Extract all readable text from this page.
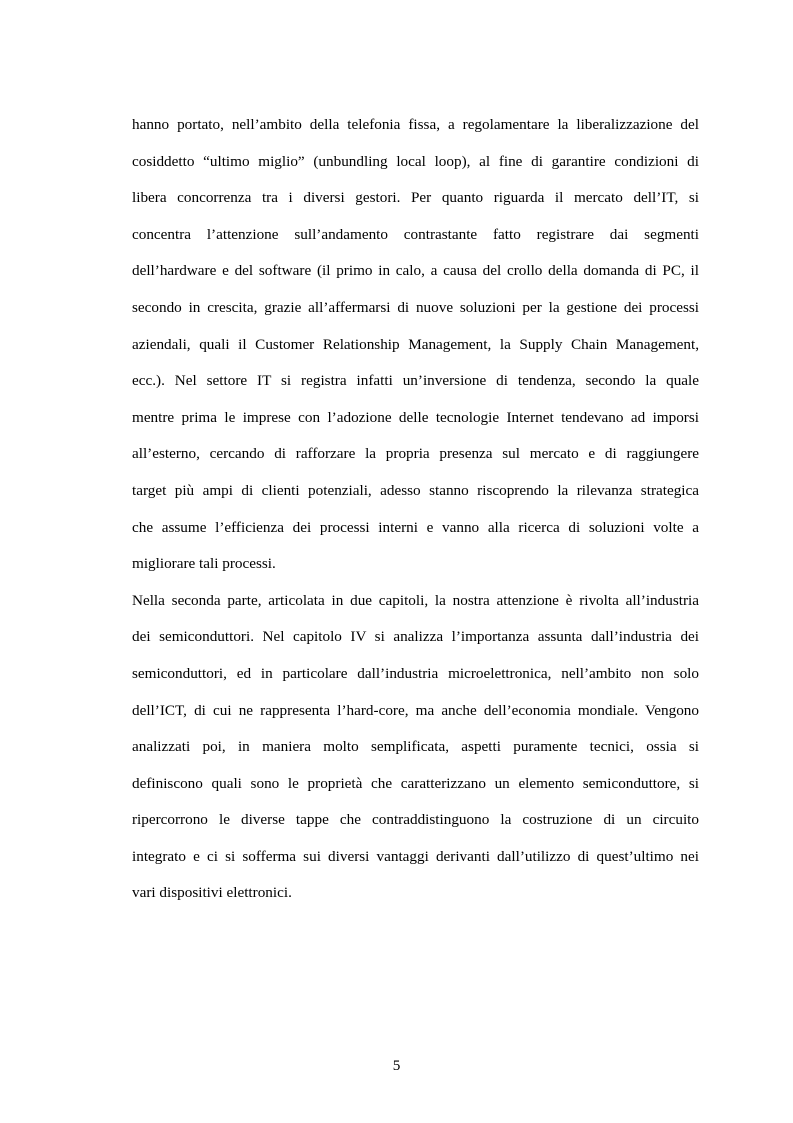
hanno portato, nell’ambito della telefonia fissa, a regolamentare la liberalizzazione del
cosiddetto “ultimo miglio” (unbundling local loop), al fine di garantire condizioni di
libera concorrenza tra i diversi gestori. Per quanto riguarda il mercato dell’IT, si
concentra l’attenzione sull’andamento contrastante fatto registrare dai segmenti
dell’hardware e del software (il primo in calo, a causa del crollo della domanda di PC, il
secondo in crescita, grazie all’affermarsi di nuove soluzioni per la gestione dei processi
aziendali, quali il Customer Relationship Management, la Supply Chain Management,
ecc.). Nel settore IT si registra infatti un’inversione di tendenza, secondo la quale
mentre prima le imprese con l’adozione delle tecnologie Internet tendevano ad imporsi
all’esterno, cercando di rafforzare la propria presenza sul mercato e di raggiungere
target più ampi di clienti potenziali, adesso stanno riscoprendo la rilevanza strategica
che assume l’efficienza dei processi interni e vanno alla ricerca di soluzioni volte a
migliorare tali processi.
Nella seconda parte, articolata in due capitoli, la nostra attenzione è rivolta all’industria
dei semiconduttori. Nel capitolo IV si analizza l’importanza assunta dall’industria dei
semiconduttori, ed in particolare dall’industria microelettronica, nell’ambito non solo
dell’ICT, di cui ne rappresenta l’hard-core, ma anche dell’economia mondiale. Vengono
analizzati poi, in maniera molto semplificata, aspetti puramente tecnici, ossia si
definiscono quali sono le proprietà che caratterizzano un elemento semiconduttore, si
ripercorrono le diverse tappe che contraddistinguono la costruzione di un circuito
integrato e ci si sofferma sui diversi vantaggi derivanti dall’utilizzo di quest’ultimo nei
vari dispositivi elettronici.
5
